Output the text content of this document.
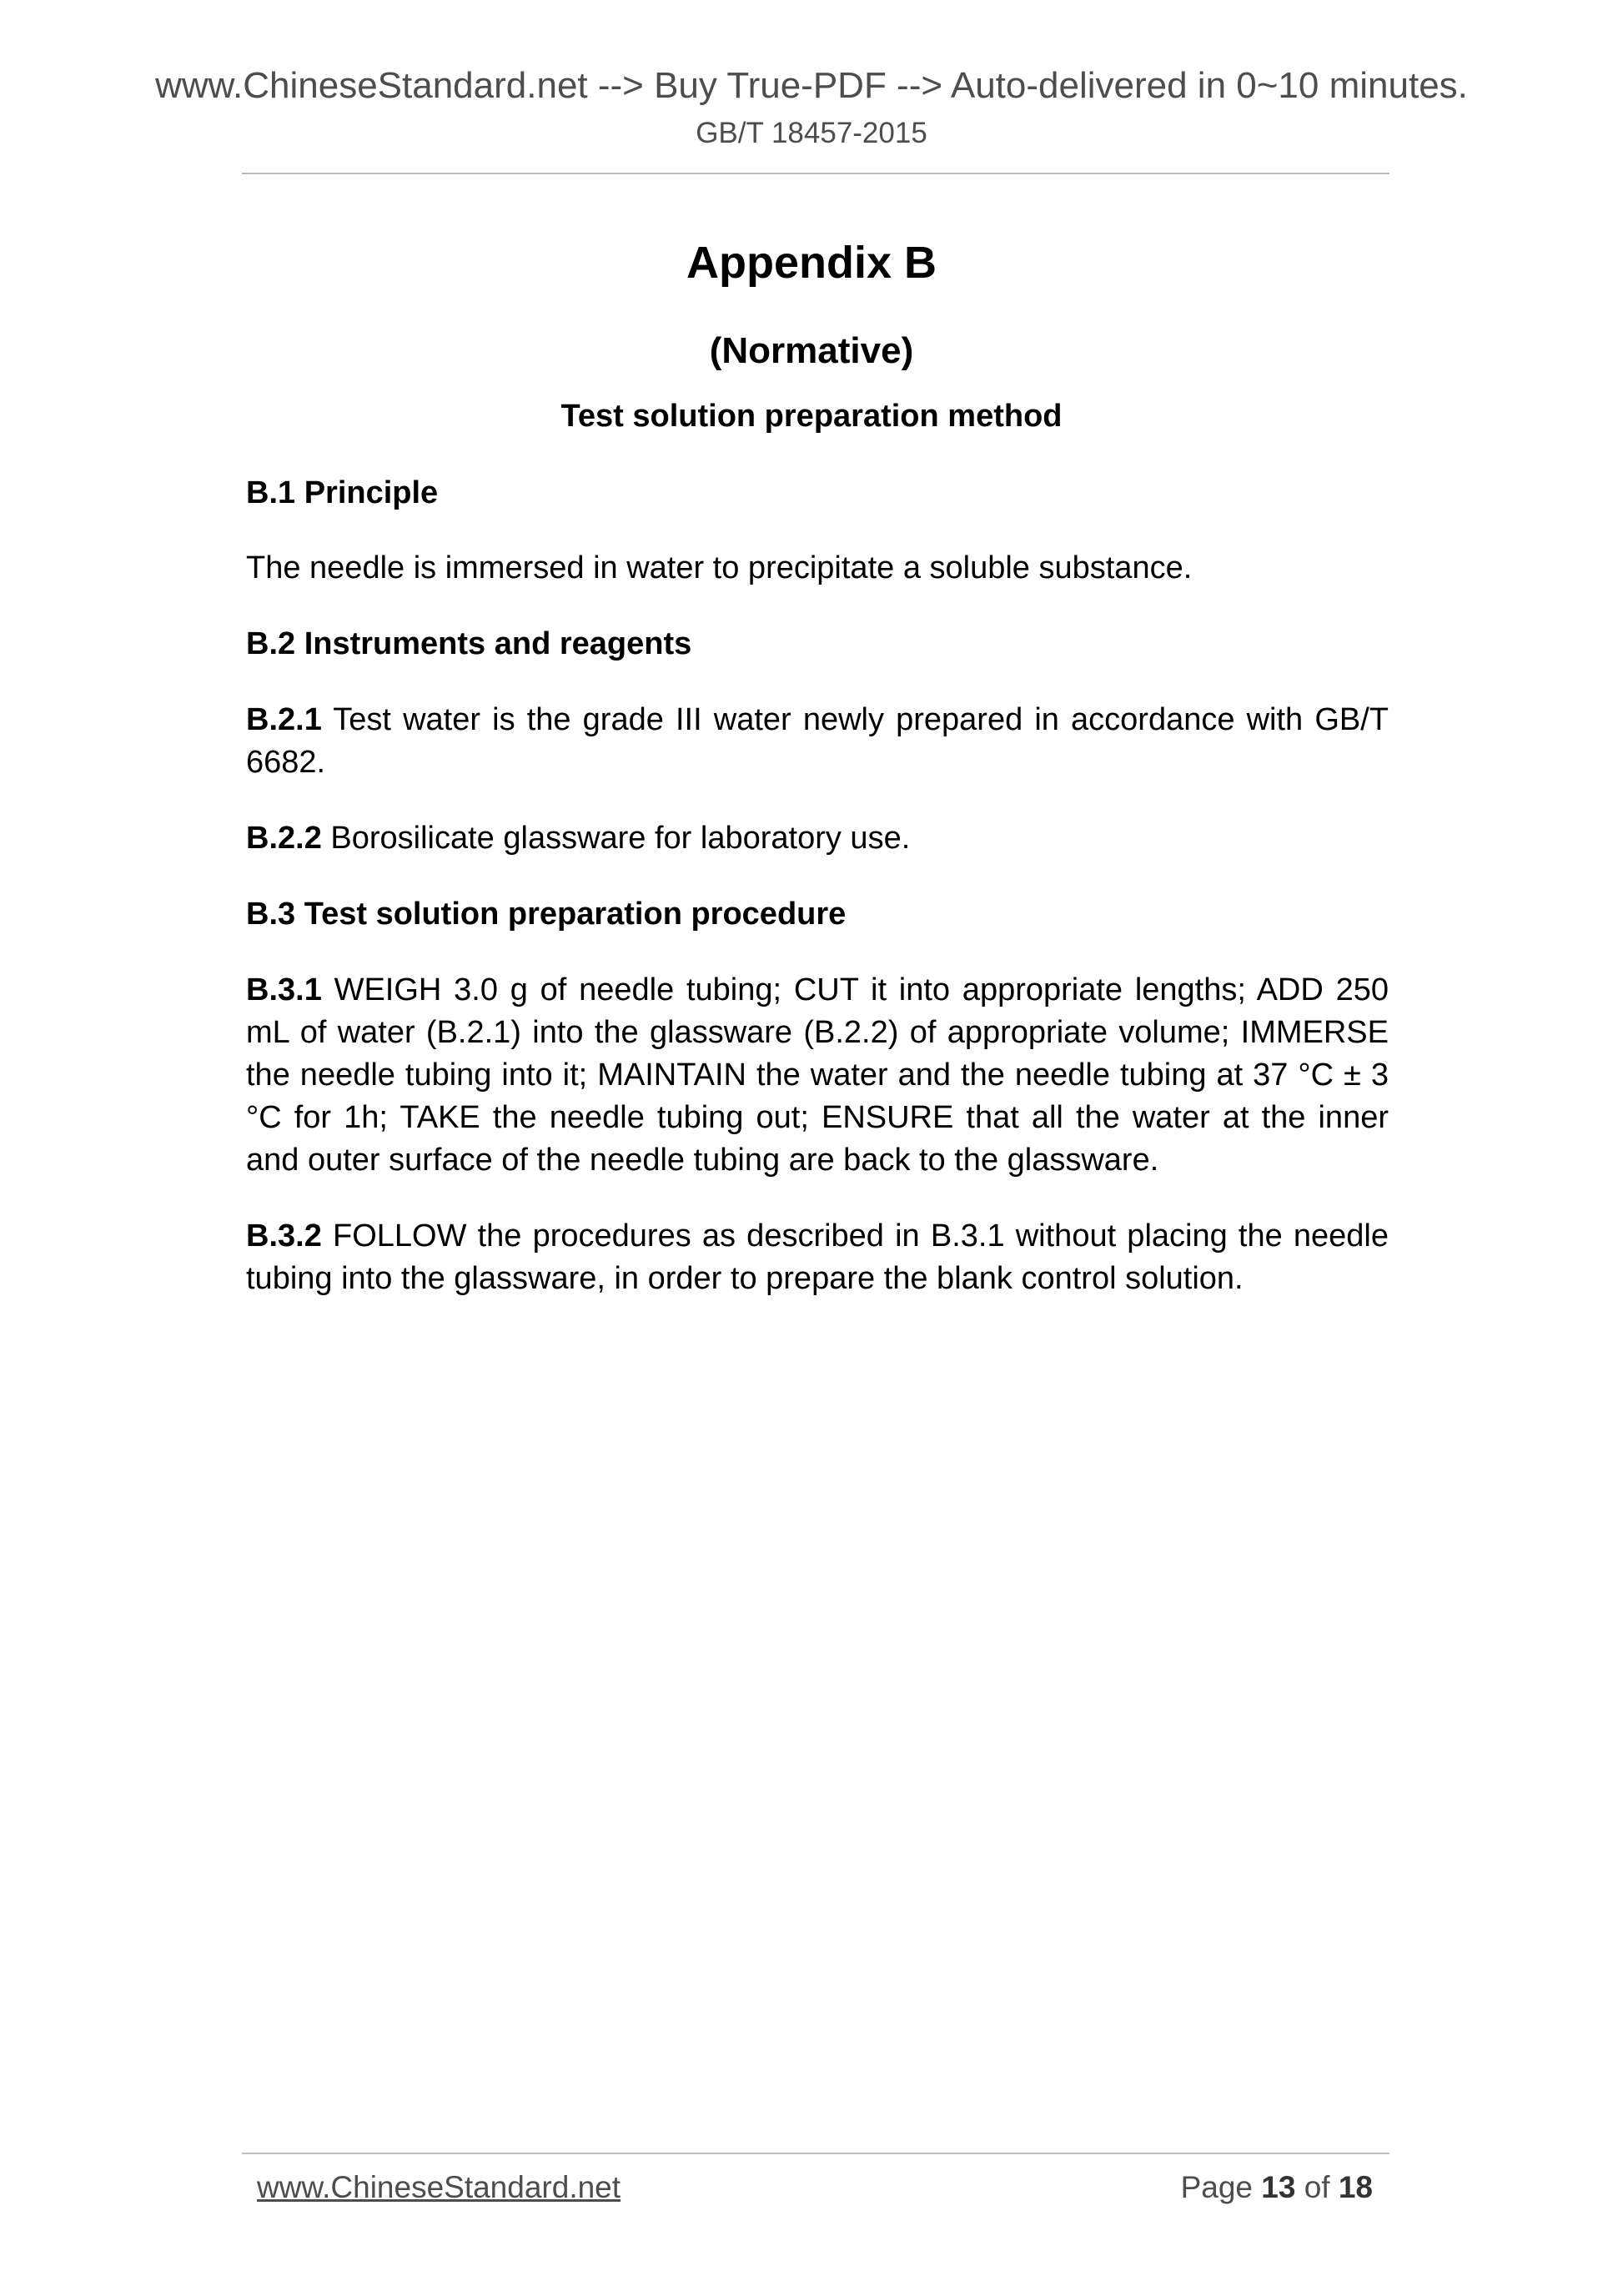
www.ChineseStandard.net --> Buy True-PDF --> Auto-delivered in 0~10 minutes.
GB/T 18457-2015
Appendix B
(Normative)
Test solution preparation method
B.1 Principle
The needle is immersed in water to precipitate a soluble substance.
B.2 Instruments and reagents
B.2.1 Test water is the grade III water newly prepared in accordance with GB/T 6682.
B.2.2 Borosilicate glassware for laboratory use.
B.3 Test solution preparation procedure
B.3.1 WEIGH 3.0 g of needle tubing; CUT it into appropriate lengths; ADD 250 mL of water (B.2.1) into the glassware (B.2.2) of appropriate volume; IMMERSE the needle tubing into it; MAINTAIN the water and the needle tubing at 37 °C ± 3 °C for 1h; TAKE the needle tubing out; ENSURE that all the water at the inner and outer surface of the needle tubing are back to the glassware.
B.3.2 FOLLOW the procedures as described in B.3.1 without placing the needle tubing into the glassware, in order to prepare the blank control solution.
www.ChineseStandard.net	Page 13 of 18
